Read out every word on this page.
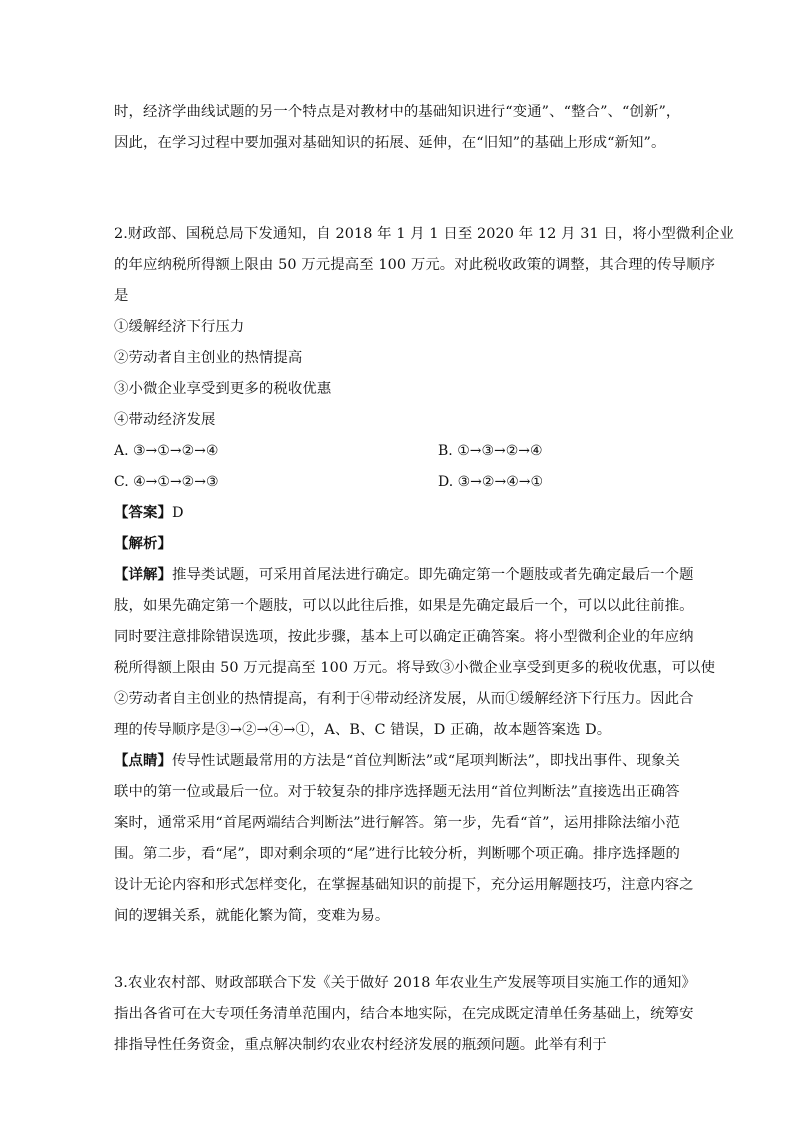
时，经济学曲线试题的另一个特点是对教材中的基础知识进行“变通”、“整合”、“创新”，
因此，在学习过程中要加强对基础知识的拓展、延伸，在“旧知”的基础上形成“新知”。
2.财政部、国税总局下发通知，自 2018 年 1 月 1 日至 2020 年 12 月 31 日，将小型微利企业
的年应纳税所得额上限由 50 万元提高至 100 万元。对此税收政策的调整，其合理的传导顺序
是
①缓解经济下行压力
②劳动者自主创业的热情提高
③小微企业享受到更多的税收优惠
④带动经济发展
A. ③→①→②→④	B. ①→③→②→④
C. ④→①→②→③	D. ③→②→④→①
【答案】D
【解析】
【详解】推导类试题，可采用首尾法进行确定。即先确定第一个题肢或者先确定最后一个题
肢，如果先确定第一个题肢，可以以此往后推，如果是先确定最后一个，可以以此往前推。
同时要注意排除错误选项，按此步骤，基本上可以确定正确答案。将小型微利企业的年应纳
税所得额上限由 50 万元提高至 100 万元。将导致③小微企业享受到更多的税收优惠，可以使
②劳动者自主创业的热情提高，有利于④带动经济发展，从而①缓解经济下行压力。因此合
理的传导顺序是③→②→④→①，A、B、C 错误，D 正确，故本题答案选 D。
【点睛】传导性试题最常用的方法是“首位判断法”或“尾项判断法”，即找出事件、现象关
联中的第一位或最后一位。对于较复杂的排序选择题无法用“首位判断法”直接选出正确答
案时，通常采用“首尾两端结合判断法”进行解答。第一步，先看“首”，运用排除法缩小范
围。第二步，看“尾”，即对剩余项的“尾”进行比较分析，判断哪个项正确。排序选择题的
设计无论内容和形式怎样变化，在掌握基础知识的前提下，充分运用解题技巧，注意内容之
间的逻辑关系，就能化繁为简，变难为易。
3.农业农村部、财政部联合下发《关于做好 2018 年农业生产发展等项目实施工作的通知》
指出各省可在大专项任务清单范围内，结合本地实际，在完成既定清单任务基础上，统筹安
排指导性任务资金，重点解决制约农业农村经济发展的瓶颈问题。此举有利于
